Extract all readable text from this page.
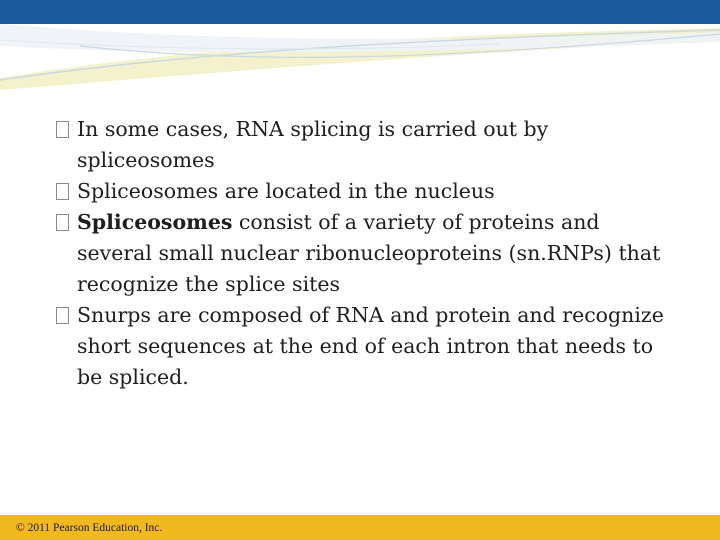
In some cases, RNA splicing is carried out by spliceosomes

Spliceosomes are located in the nucleus

Spliceosomes consist of a variety of proteins and several small nuclear ribonucleoproteins (sn.RNPs) that recognize the splice sites

Snurps are composed of RNA and protein and recognize short sequences at the end of each intron that needs to be spliced.

© 2011 Pearson Education, Inc.
